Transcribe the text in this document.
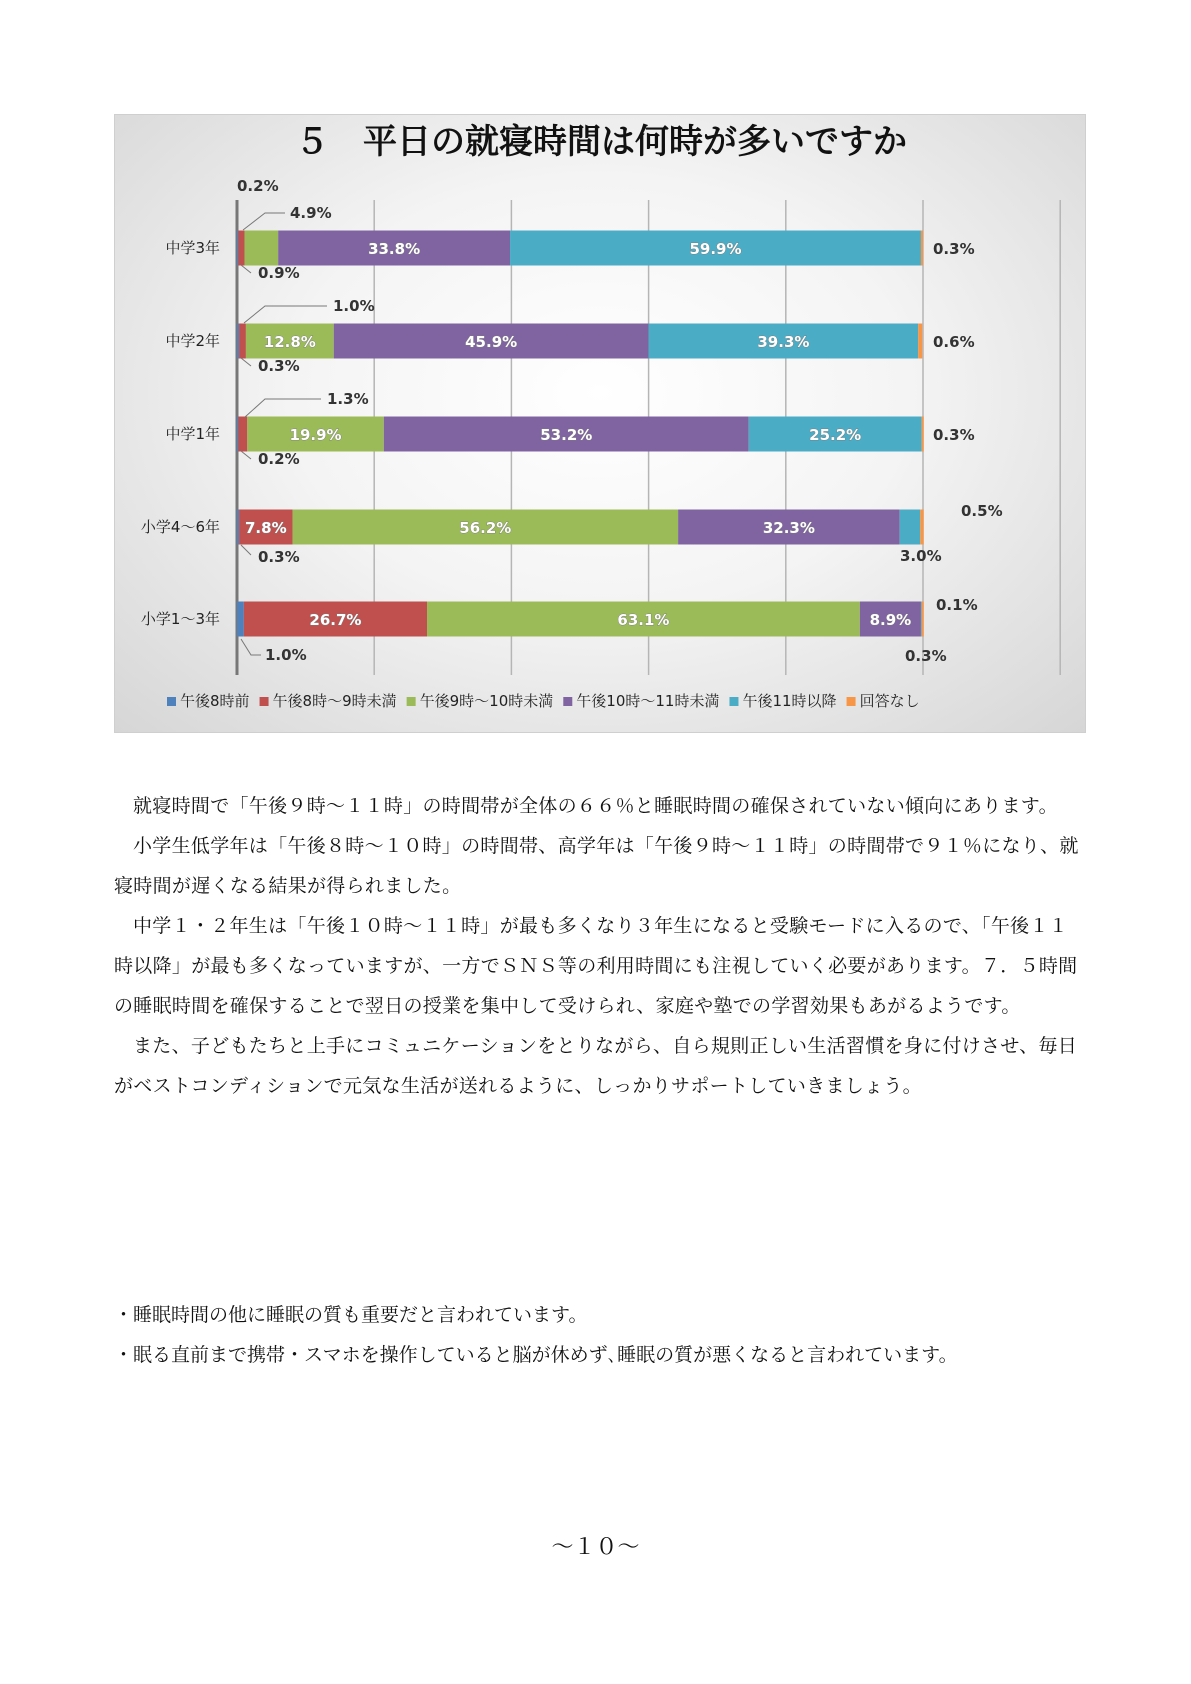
５　平日の就寝時間は何時が多いですか
33.8%	59.9%
12.8%	45.9%	39.3%
19.9%	53.2%	25.2%
7.8%	56.2%	32.3%
26.7%	63.1%	8.9%
0.2%
4.9%
0.9%
0.3%
1.0%
0.3%
0.6%
1.3%
0.2%
0.3%
0.5%
0.3%	3.0%
0.1%
1.0%	0.3%
中学3年
中学2年
中学1年
小学4～6年
小学1～3年
午後8時前 午後8時～9時未満 午後9時～10時未満 午後10時～11時未満 午後11時以降 回答なし

就寝時間で「午後９時～１１時」の時間帯が全体の６６％と睡眠時間の確保されていない傾向にあります。

小学生低学年は「午後８時～１０時」の時間帯、高学年は「午後９時～１１時」の時間帯で９１％になり、就寝時間が遅くなる結果が得られました。

中学１・２年生は「午後１０時～１１時」が最も多くなり３年生になると受験モードに入るので、「午後１１時以降」が最も多くなっていますが、一方でＳＮＳ等の利用時間にも注視していく必要があります。７．５時間の睡眠時間を確保することで翌日の授業を集中して受けられ、家庭や塾での学習効果もあがるようです。

また、子どもたちと上手にコミュニケーションをとりながら、自ら規則正しい生活習慣を身に付けさせ、毎日がベストコンディションで元気な生活が送れるように、しっかりサポートしていきましょう。

・睡眠時間の他に睡眠の質も重要だと言われています。
・眠る直前まで携帯・スマホを操作していると脳が休めず､睡眠の質が悪くなると言われています。
～１０～
